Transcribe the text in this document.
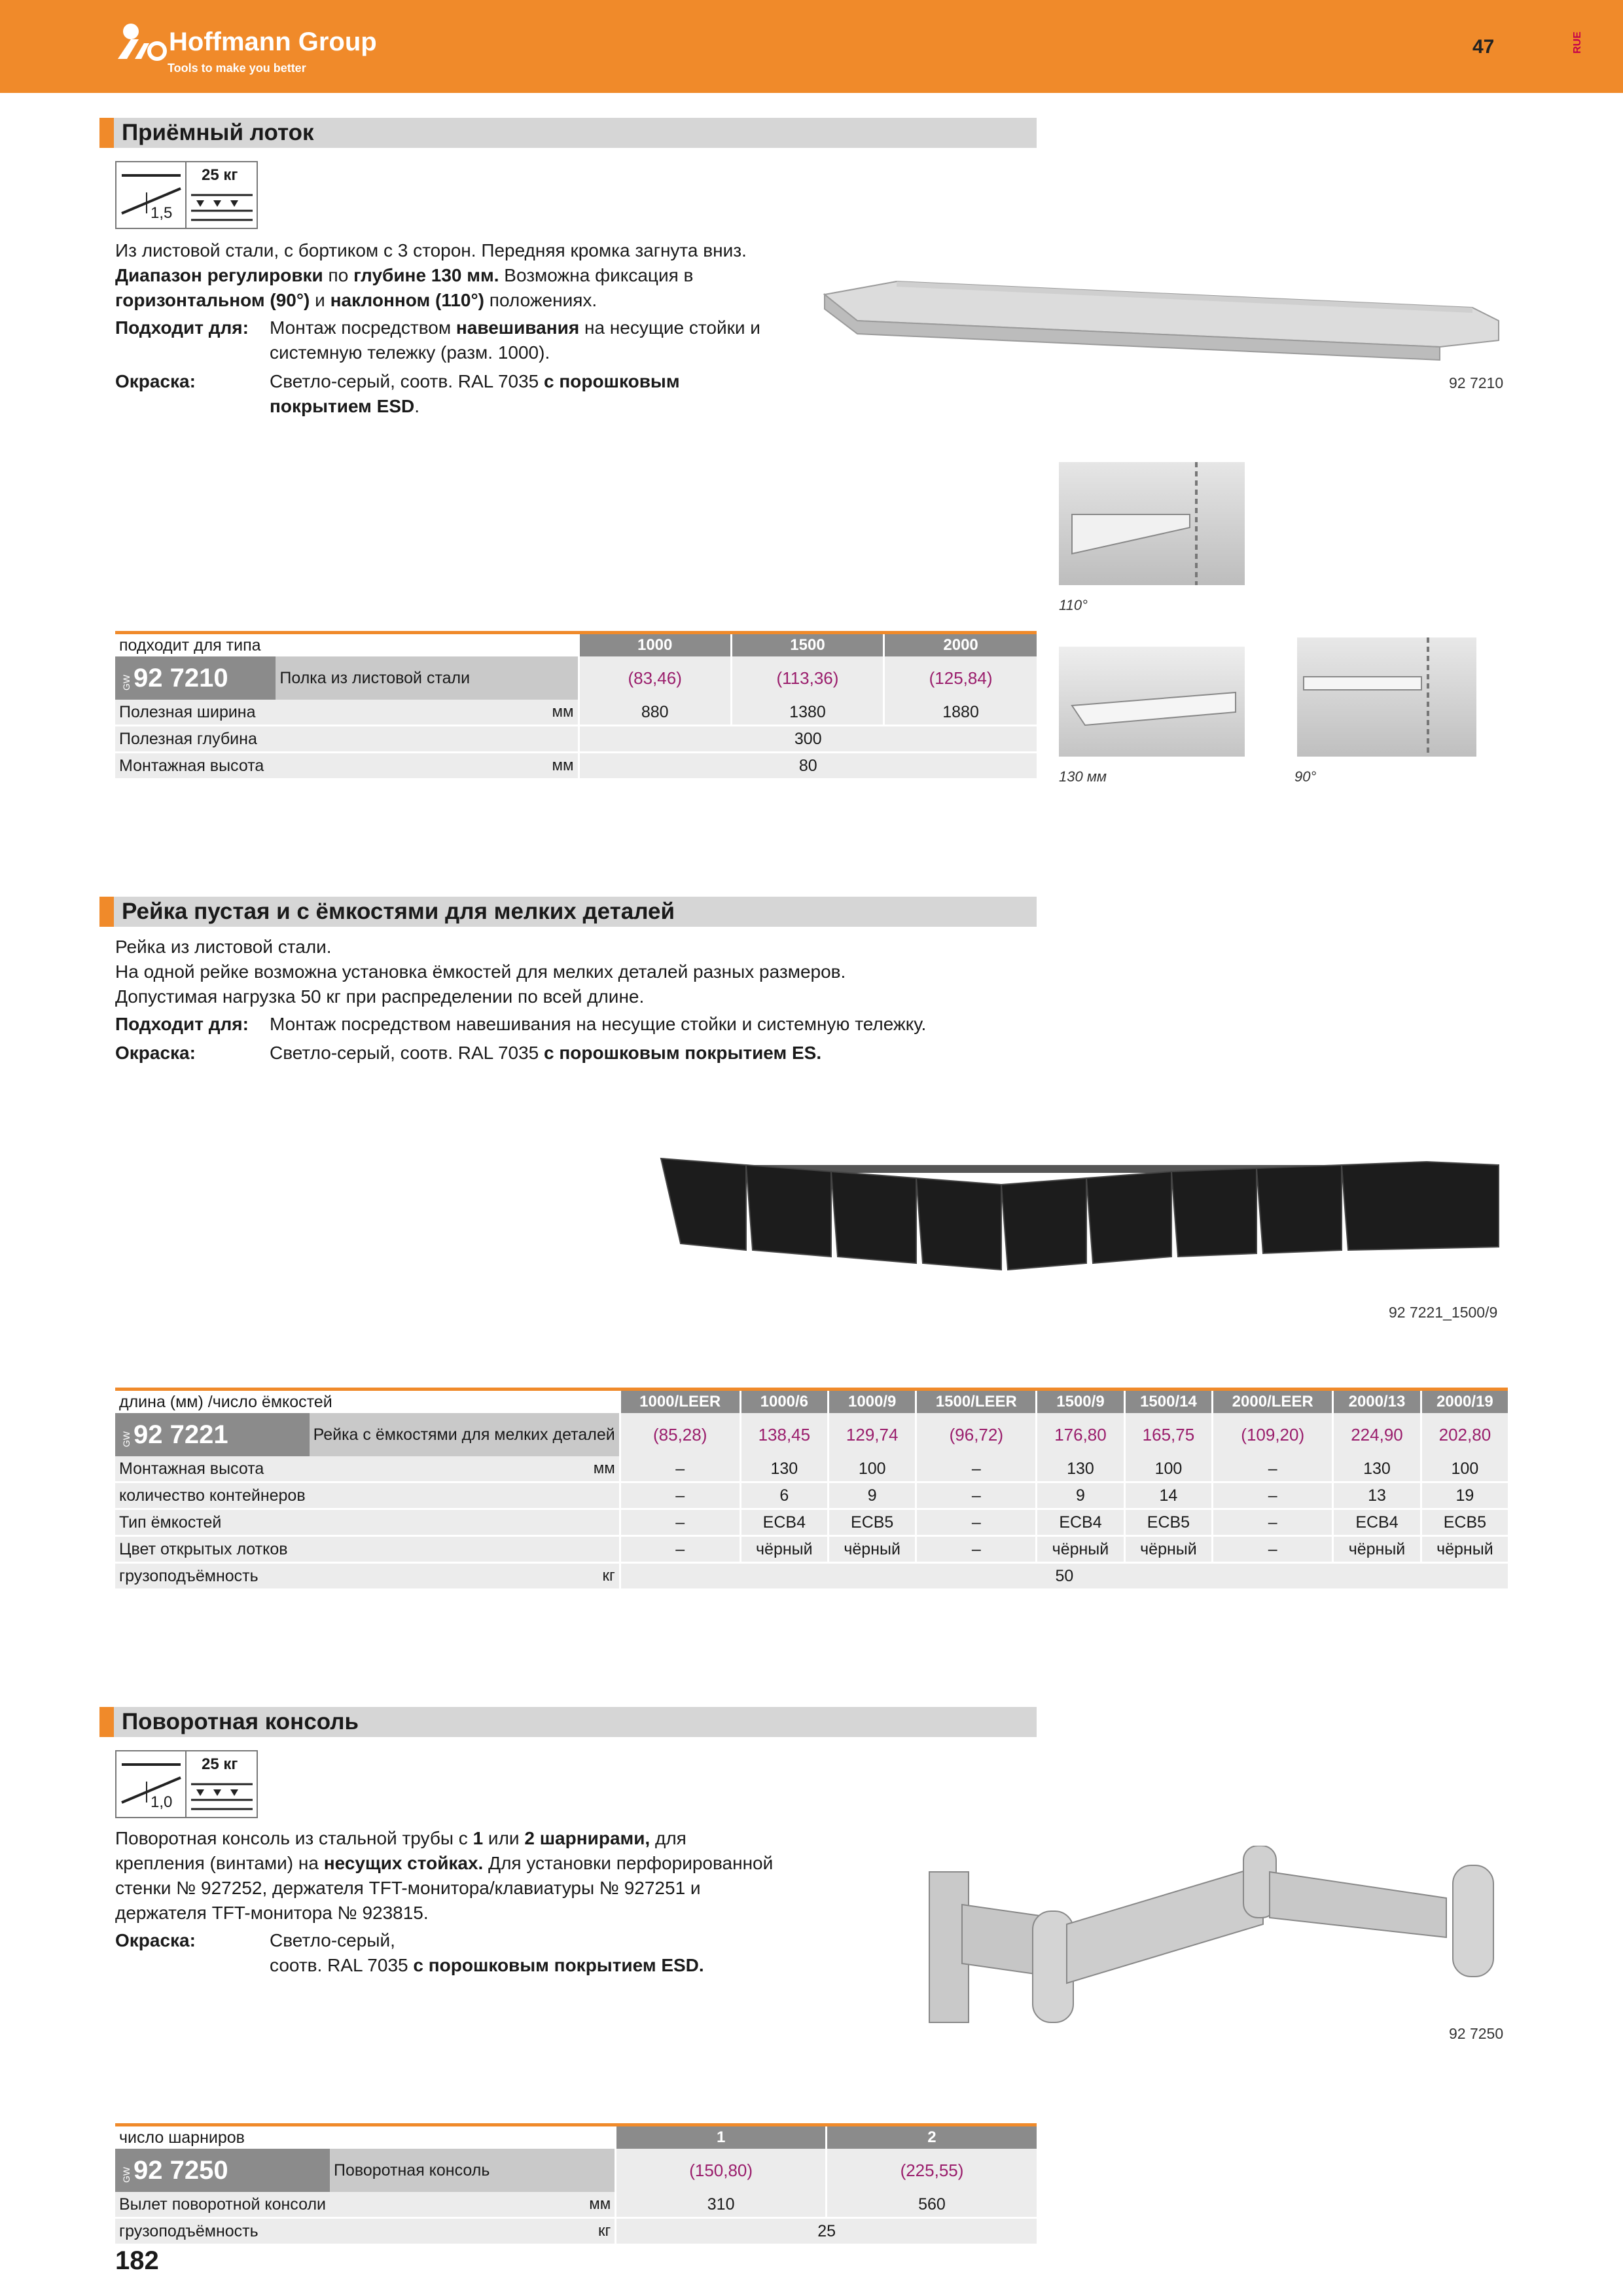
Hoffmann Group
Tools to make you better
47	RUE
Приёмный лоток
25 кг
1,5
Из листовой стали, с бортиком с 3 сторон. Передняя кромка загнута вниз.
Диапазон регулировки по глубине 130 мм. Возможна фиксация в
горизонтальном (90°) и наклонном (110°) положениях.
Подходит для: Монтаж посредством навешивания на несущие стойки и
системную тележку (разм. 1000).
Окраска:	Светло-серый, соотв. RAL 7035 с порошковым
покрытием ESD.
92 7210
110°
130 мм	90°
подходит для типа		1000	1500	2000
GW92 7210	Полка из листовой стали	(83,46)	(113,36)	(125,84)
Полезная ширина	мм	880	1380	1880
Полезная глубина		300		
Монтажная высота	мм	80		
Рейка пустая и с ёмкостями для мелких деталей
Рейка из листовой стали.
На одной рейке возможна установка ёмкостей для мелких деталей разных размеров.
Допустимая нагрузка 50 кг при распределении по всей длине.
Подходит для: Монтаж посредством навешивания на несущие стойки и системную тележку.
Окраска:	Светло-серый, соотв. RAL 7035 с порошковым покрытием ES.
92 7221_1500/9
длина (мм) /число ёмкостей		1000/LEER	1000/6	1000/9	1500/LEER	1500/9	1500/14	2000/LEER	2000/13	2000/19
GW92 7221	Рейка с ёмкостями для мелких деталей	(85,28)	138,45	129,74	(96,72)	176,80	165,75	(109,20)	224,90	202,80
Монтажная высота	мм	–	130	100	–	130	100	–	130	100
количество контейнеров		–	6	9	–	9	14	–	13	19
Тип ёмкостей		–	ECB4	ECB5	–	ECB4	ECB5	–	ECB4	ECB5
Цвет открытых лотков		–	чёрный	чёрный	–	чёрный	чёрный	–	чёрный	чёрный
грузоподъёмность	кг	50								
Поворотная консоль
25 кг
1,0
Поворотная консоль из стальной трубы с 1 или 2 шарнирами, для
крепления (винтами) на несущих стойках. Для установки перфорированной
стенки № 927252, держателя TFT-монитора/клавиатуры № 927251 и
держателя TFT-монитора № 923815.
Окраска:	Светло-серый,
соотв. RAL 7035 с порошковым покрытием ESD.
92 7250
число шарниров		1	2
GW92 7250	Поворотная консоль	(150,80)	(225,55)
Вылет поворотной консоли	мм	310	560
грузоподъёмность	кг	25	
182
